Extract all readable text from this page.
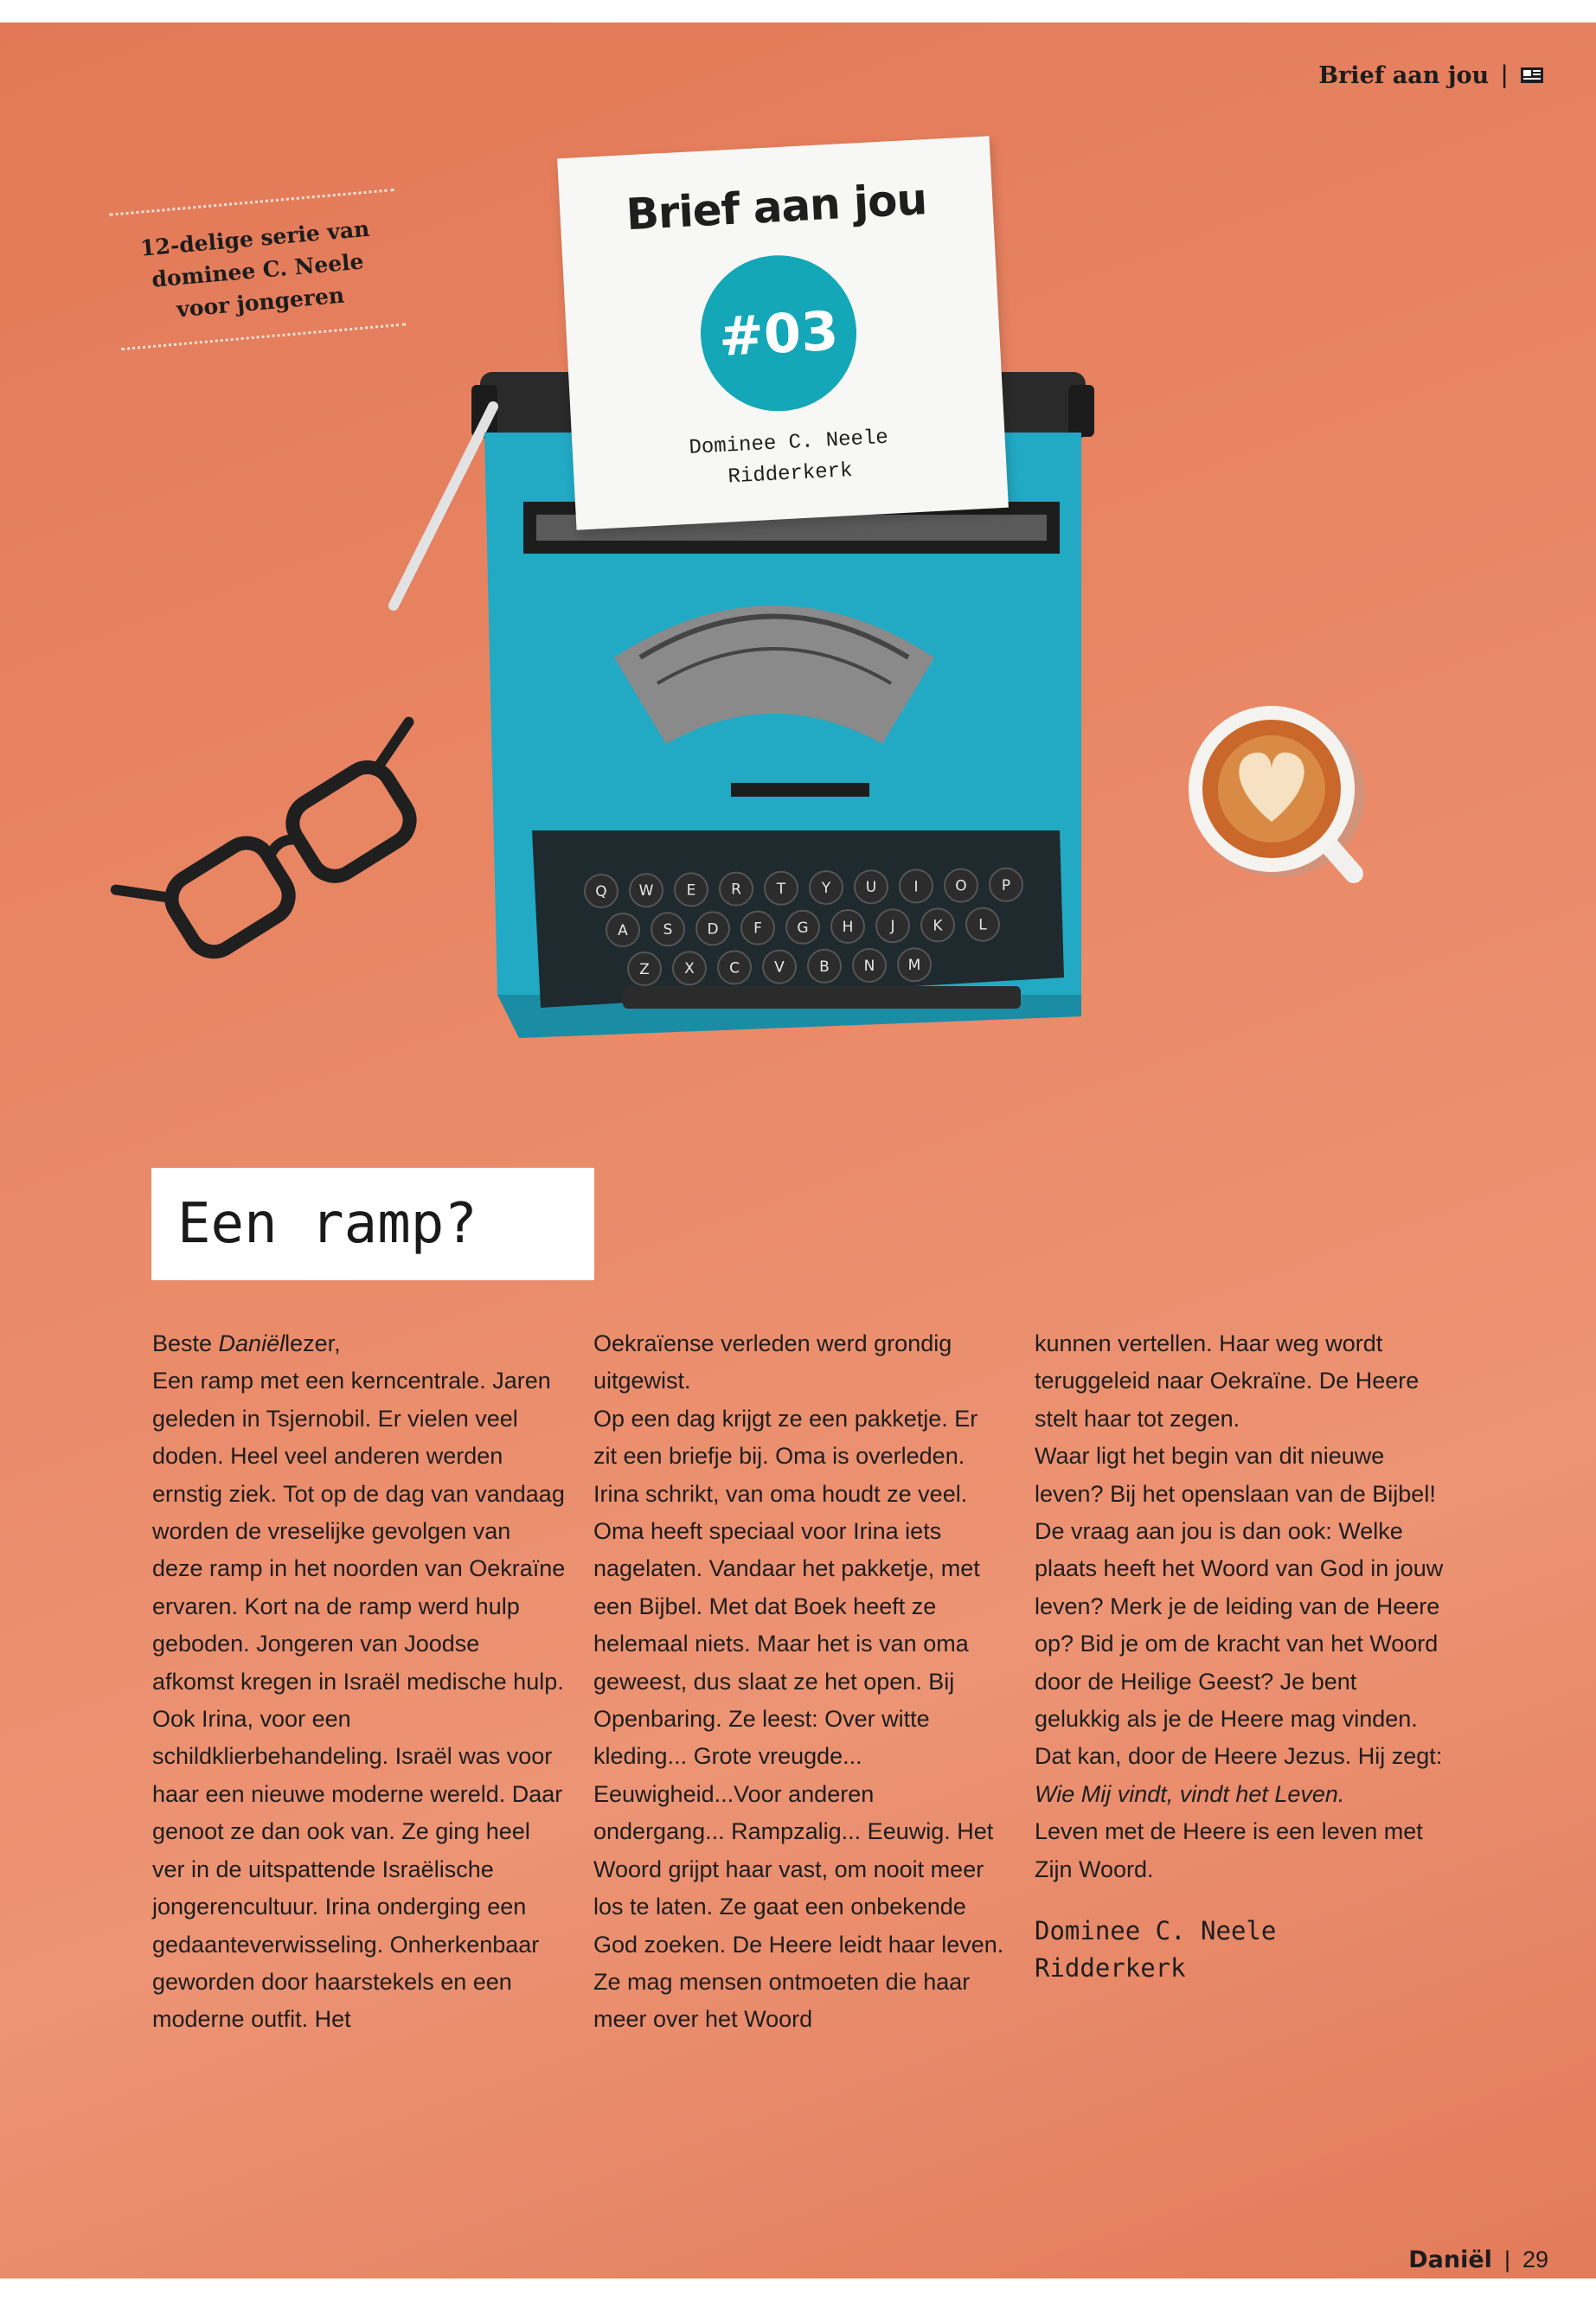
Brief aan jou |
12-delige serie van
dominee C. Neele
voor jongeren
Q W E R T Y U	I	O P
A S D F G H	J	K L
Z X C V B N M
Brief aan jou
#03
Dominee C. Neele
Ridderkerk
Een ramp?

Beste Daniëllezer,

Een ramp met een kerncentrale. Jaren geleden in Tsjernobil. Er vielen veel doden. Heel veel anderen werden ernstig ziek. Tot op de dag van vandaag worden de vreselijke gevolgen van deze ramp in het noorden van Oekraïne ervaren. Kort na de ramp werd hulp geboden. Jongeren van Joodse afkomst kregen in Israël medische hulp. Ook Irina, voor een schildklierbehandeling. Israël was voor haar een nieuwe moderne wereld. Daar genoot ze dan ook van. Ze ging heel ver in de uitspattende Israëlische jongerencultuur. Irina onderging een gedaanteverwisseling. Onherkenbaar geworden door haarstekels en een moderne outfit. Het

Oekraïense verleden werd grondig uitgewist.

Op een dag krijgt ze een pakketje. Er zit een briefje bij. Oma is overleden. Irina schrikt, van oma houdt ze veel. Oma heeft speciaal voor Irina iets nagelaten. Vandaar het pakketje, met een Bijbel. Met dat Boek heeft ze helemaal niets. Maar het is van oma geweest, dus slaat ze het open. Bij Openbaring. Ze leest: Over witte kleding... Grote vreugde... Eeuwigheid...Voor anderen ondergang... Rampzalig... Eeuwig. Het Woord grijpt haar vast, om nooit meer los te laten. Ze gaat een onbekende God zoeken. De Heere leidt haar leven. Ze mag mensen ontmoeten die haar meer over het Woord

kunnen vertellen. Haar weg wordt teruggeleid naar Oekraïne. De Heere stelt haar tot zegen.

Waar ligt het begin van dit nieuwe leven? Bij het openslaan van de Bijbel! De vraag aan jou is dan ook: Welke plaats heeft het Woord van God in jouw leven? Merk je de leiding van de Heere op? Bid je om de kracht van het Woord door de Heilige Geest? Je bent gelukkig als je de Heere mag vinden. Dat kan, door de Heere Jezus. Hij zegt: Wie Mij vindt, vindt het Leven.

Leven met de Heere is een leven met Zijn Woord.

Dominee C. Neele
Ridderkerk

Daniël | 29
